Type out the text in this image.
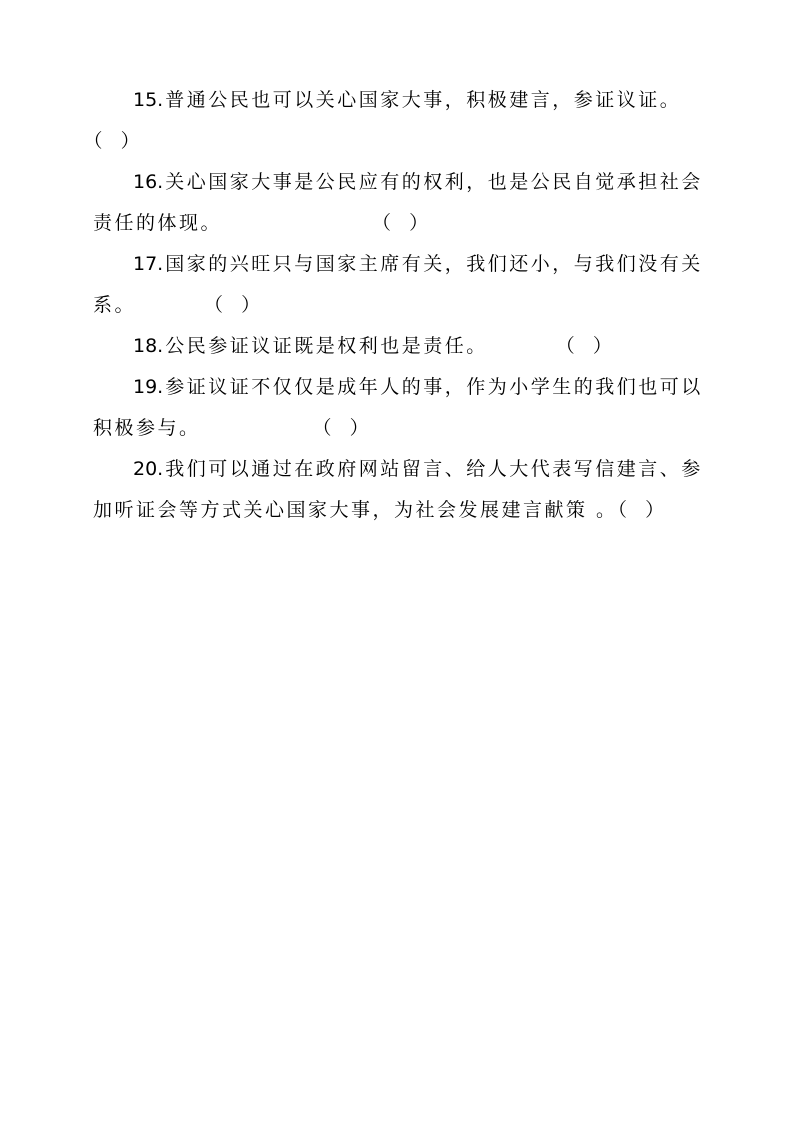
15. 普通公民也可以关心国家大事，积极建言，参证议证。（   ）

16. 关心国家大事是公民应有的权利，也是公民自觉承担社会责任的体现。	（   ）

17. 国家的兴旺只与国家主席有关，我们还小，与我们没有关系。	（   ）

18. 公民参证议证既是权利也是责任。	（   ）

19. 参证议证不仅仅是成年人的事，作为小学生的我们也可以积极参与。	（   ）

20. 我们可以通过在政府网站留言、给人大代表写信建言、参加听证会等方式关心国家大事，为社会发展建言献策 。（   ）
